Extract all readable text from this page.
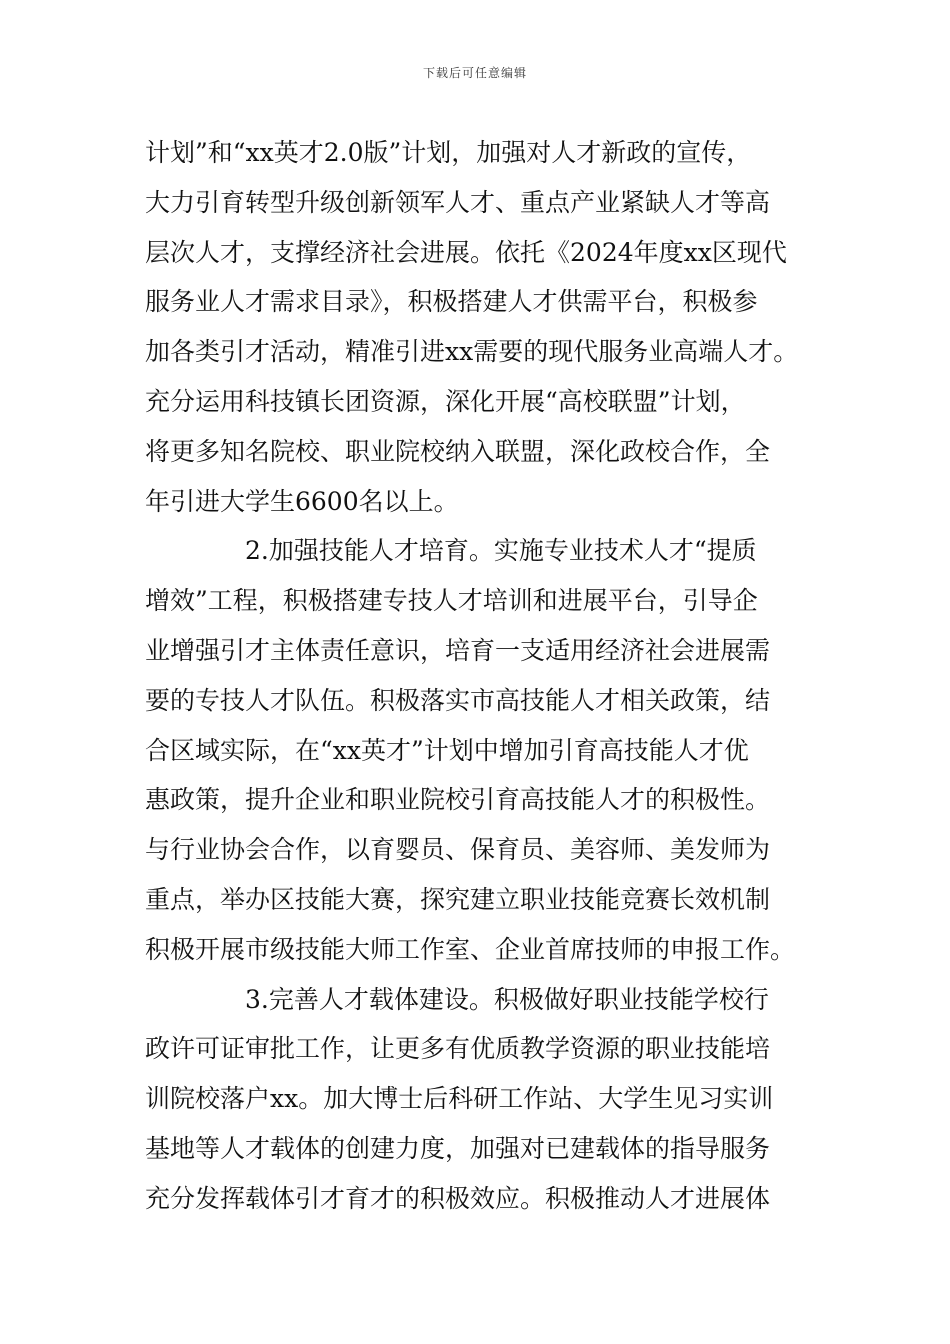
下载后可任意编辑
计划”和“xx英才2.0版”计划，加强对人才新政的宣传，
大力引育转型升级创新领军人才、重点产业紧缺人才等高
层次人才，支撑经济社会进展。依托《2024年度xx区现代
服务业人才需求目录》，积极搭建人才供需平台，积极参
加各类引才活动，精准引进xx需要的现代服务业高端人才。
充分运用科技镇长团资源，深化开展“高校联盟”计划，
将更多知名院校、职业院校纳入联盟，深化政校合作，全
年引进大学生6600名以上。
2.加强技能人才培育。实施专业技术人才“提质
增效”工程，积极搭建专技人才培训和进展平台，引导企
业增强引才主体责任意识，培育一支适用经济社会进展需
要的专技人才队伍。积极落实市高技能人才相关政策，结
合区域实际，在“xx英才”计划中增加引育高技能人才优
惠政策，提升企业和职业院校引育高技能人才的积极性。
与行业协会合作，以育婴员、保育员、美容师、美发师为
重点，举办区技能大赛，探究建立职业技能竞赛长效机制
积极开展市级技能大师工作室、企业首席技师的申报工作。
3.完善人才载体建设。积极做好职业技能学校行
政许可证审批工作，让更多有优质教学资源的职业技能培
训院校落户xx。加大博士后科研工作站、大学生见习实训
基地等人才载体的创建力度，加强对已建载体的指导服务
充分发挥载体引才育才的积极效应。积极推动人才进展体
